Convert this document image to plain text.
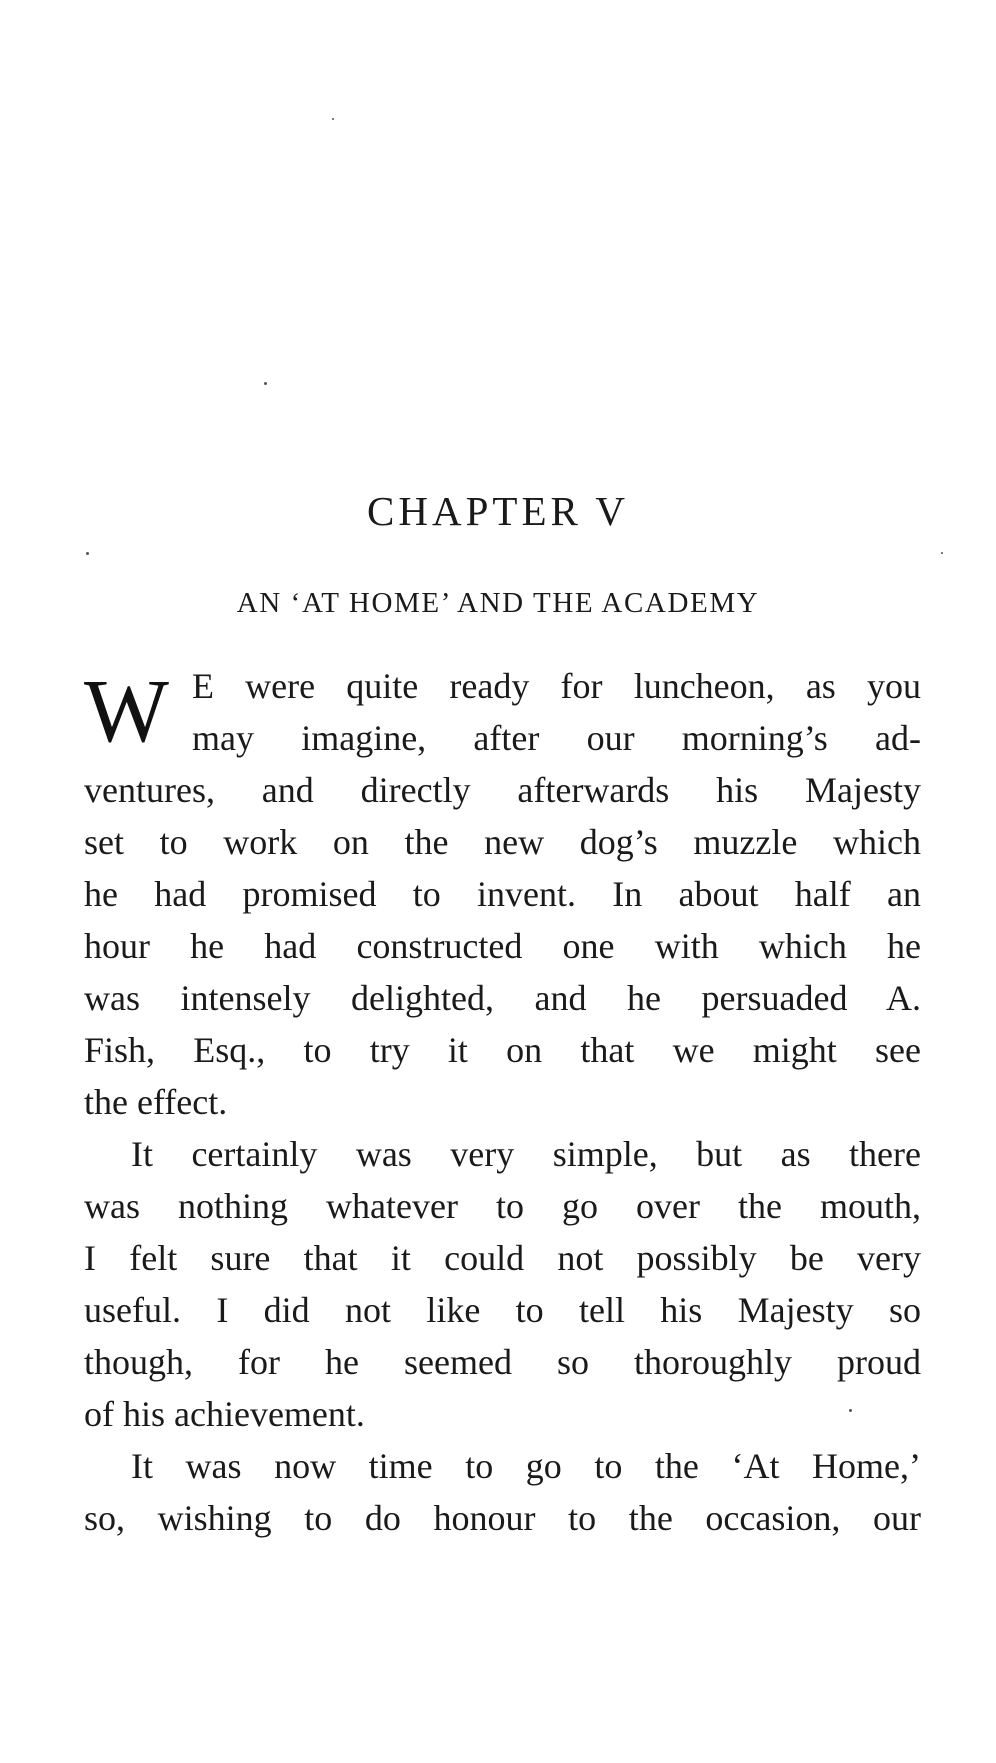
CHAPTER V
AN ‘AT HOME’ AND THE ACADEMY
W E were quite ready for luncheon, as you
may imagine, after our morning’s ad-
ventures, and directly afterwards his Majesty
set to work on the new dog’s muzzle which
he had promised to invent. In about half an
hour he had constructed one with which he
was intensely delighted, and he persuaded A.
Fish, Esq., to try it on that we might see
the effect.
It certainly was very simple, but as there
was nothing whatever to go over the mouth,
I felt sure that it could not possibly be very
useful. I did not like to tell his Majesty so
though, for he seemed so thoroughly proud
of his achievement.
It was now time to go to the ‘At Home,’
so, wishing to do honour to the occasion, our
